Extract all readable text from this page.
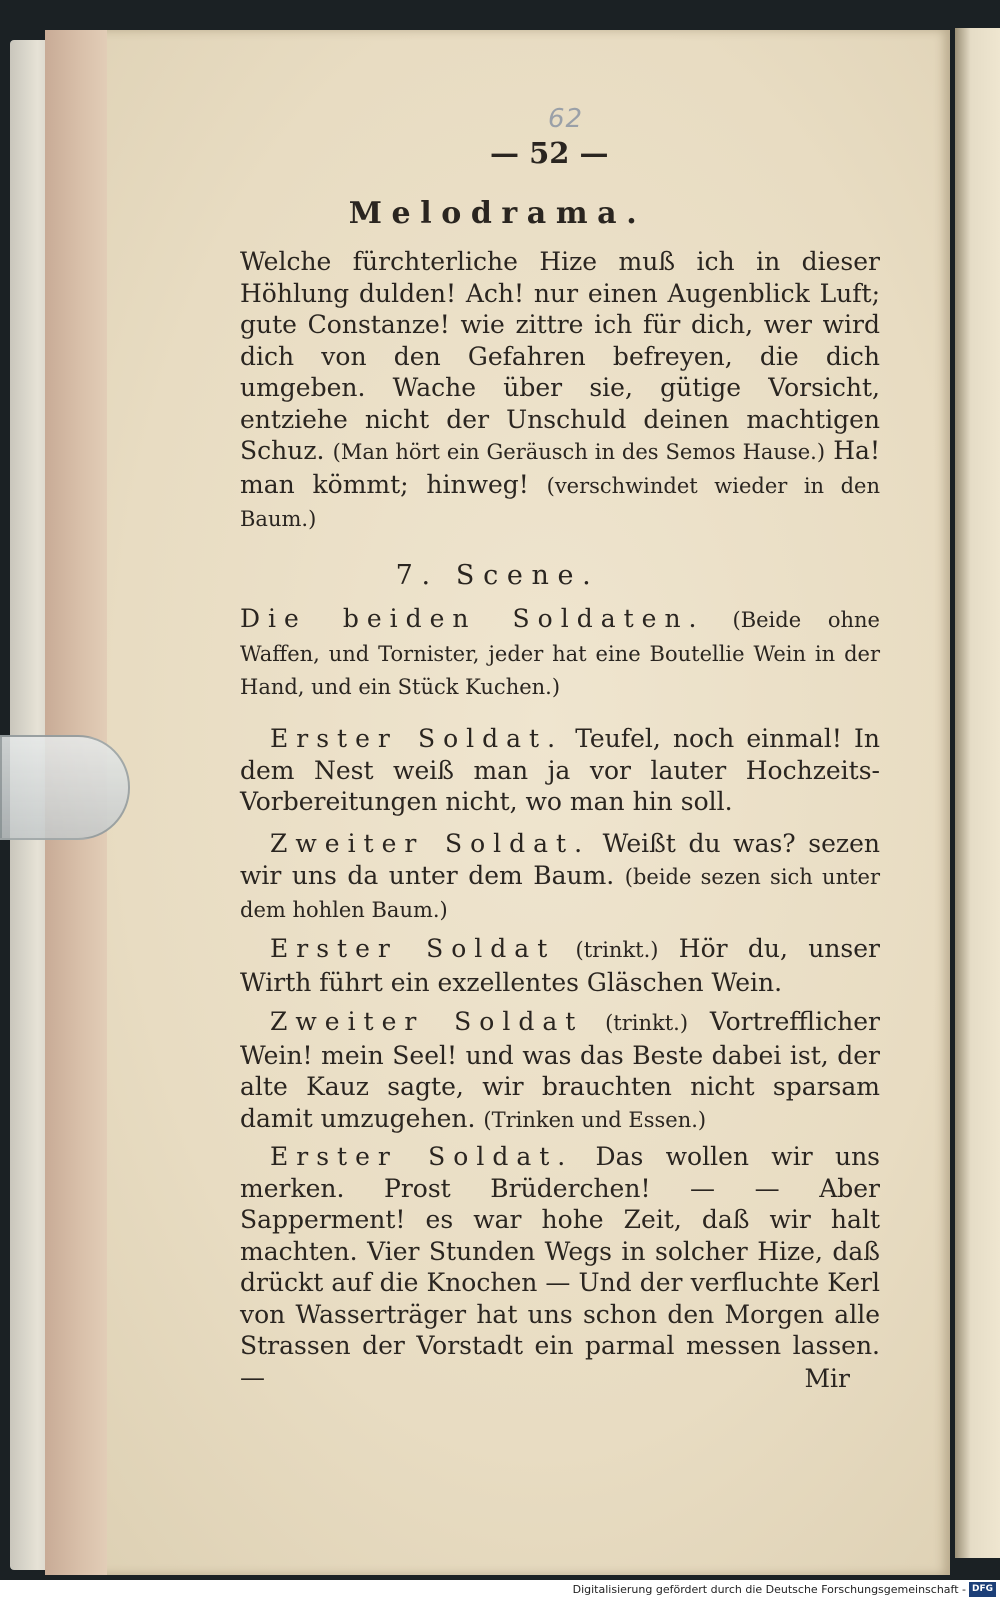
62
— 52 —
Melodrama.
Welche fürchterliche Hize muß ich in dieser Höhlung dulden! Ach! nur einen Augenblick Luft; gute Constanze! wie zittre ich für dich, wer wird dich von den Gefahren befreyen, die dich umgeben. Wache über sie, gütige Vorsicht, entziehe nicht der Unschuld deinen machtigen Schuz. (Man hört ein Geräusch in des Semos Hause.) Ha! man kömmt; hinweg! (verschwindet wieder in den Baum.)
7. Scene.
Die beiden Soldaten. (Beide ohne Waffen, und Tornister, jeder hat eine Boutellie Wein in der Hand, und ein Stück Kuchen.)
Erster Soldat. Teufel, noch einmal! In dem Nest weiß man ja vor lauter Hochzeits-Vorbereitungen nicht, wo man hin soll.
Zweiter Soldat. Weißt du was? sezen wir uns da unter dem Baum. (beide sezen sich unter dem hohlen Baum.)
Erster Soldat (trinkt.) Hör du, unser Wirth führt ein exzellentes Gläschen Wein.
Zweiter Soldat (trinkt.) Vortrefflicher Wein! mein Seel! und was das Beste dabei ist, der alte Kauz sagte, wir brauchten nicht sparsam damit umzugehen. (Trinken und Essen.)
Erster Soldat. Das wollen wir uns merken. Prost Brüderchen! — — Aber Sapperment! es war hohe Zeit, daß wir halt machten. Vier Stunden Wegs in solcher Hize, daß drückt auf die Knochen — Und der verfluchte Kerl von Wasserträger hat uns schon den Morgen alle Strassen der Vorstadt ein parmal messen lassen. —	Mir
Digitalisierung gefördert durch die Deutsche Forschungsgemeinschaft - DFG
